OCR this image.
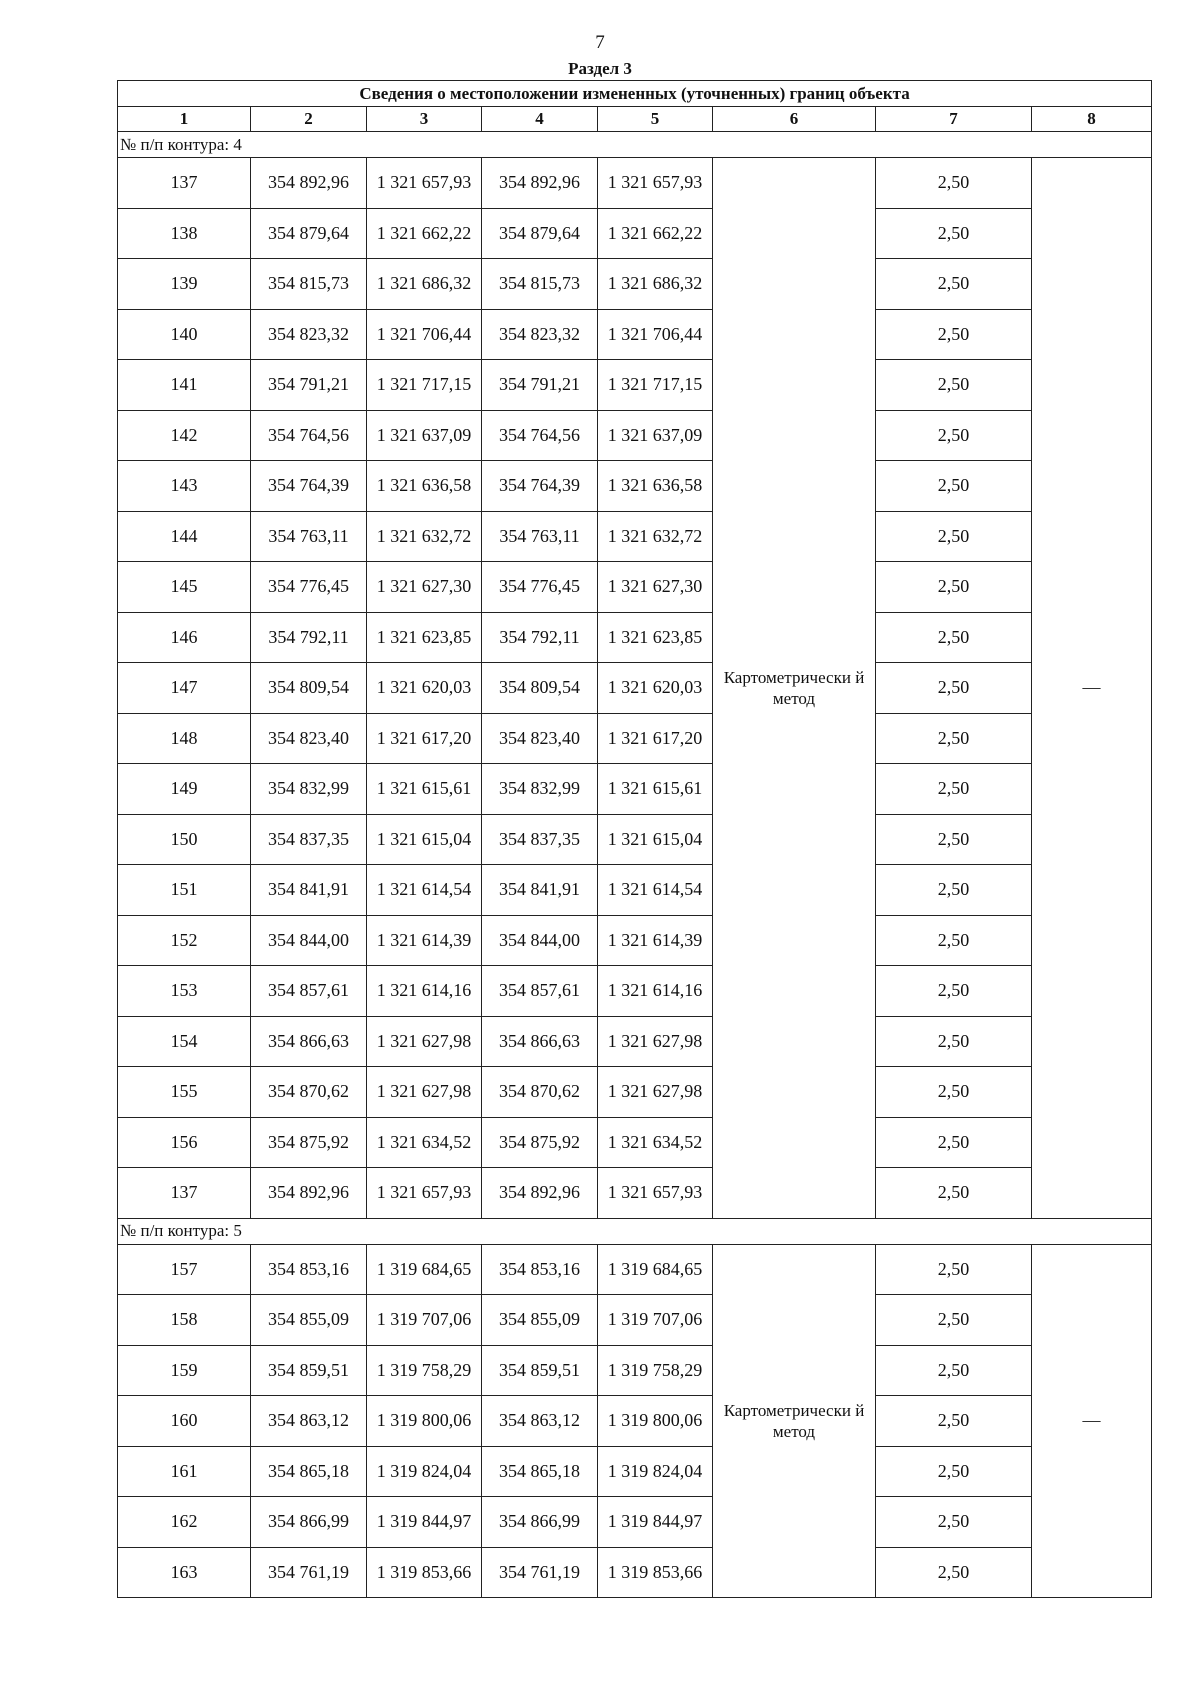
7
Раздел 3
Сведения о местоположении измененных (уточненных) границ объекта							
1	2	3	4	5	6	7	8
№ п/п контура: 4							
137	354 892,96	1 321 657,93	354 892,96	1 321 657,93	Картометрически й метод	2,50	—
138	354 879,64	1 321 662,22	354 879,64	1 321 662,22		2,50	
139	354 815,73	1 321 686,32	354 815,73	1 321 686,32		2,50	
140	354 823,32	1 321 706,44	354 823,32	1 321 706,44		2,50	
141	354 791,21	1 321 717,15	354 791,21	1 321 717,15		2,50	
142	354 764,56	1 321 637,09	354 764,56	1 321 637,09		2,50	
143	354 764,39	1 321 636,58	354 764,39	1 321 636,58		2,50	
144	354 763,11	1 321 632,72	354 763,11	1 321 632,72		2,50	
145	354 776,45	1 321 627,30	354 776,45	1 321 627,30		2,50	
146	354 792,11	1 321 623,85	354 792,11	1 321 623,85		2,50	
147	354 809,54	1 321 620,03	354 809,54	1 321 620,03		2,50	
148	354 823,40	1 321 617,20	354 823,40	1 321 617,20		2,50	
149	354 832,99	1 321 615,61	354 832,99	1 321 615,61		2,50	
150	354 837,35	1 321 615,04	354 837,35	1 321 615,04		2,50	
151	354 841,91	1 321 614,54	354 841,91	1 321 614,54		2,50	
152	354 844,00	1 321 614,39	354 844,00	1 321 614,39		2,50	
153	354 857,61	1 321 614,16	354 857,61	1 321 614,16		2,50	
154	354 866,63	1 321 627,98	354 866,63	1 321 627,98		2,50	
155	354 870,62	1 321 627,98	354 870,62	1 321 627,98		2,50	
156	354 875,92	1 321 634,52	354 875,92	1 321 634,52		2,50	
137	354 892,96	1 321 657,93	354 892,96	1 321 657,93		2,50	
№ п/п контура: 5							
157	354 853,16	1 319 684,65	354 853,16	1 319 684,65	Картометрически й метод	2,50	—
158	354 855,09	1 319 707,06	354 855,09	1 319 707,06		2,50	
159	354 859,51	1 319 758,29	354 859,51	1 319 758,29		2,50	
160	354 863,12	1 319 800,06	354 863,12	1 319 800,06		2,50	
161	354 865,18	1 319 824,04	354 865,18	1 319 824,04		2,50	
162	354 866,99	1 319 844,97	354 866,99	1 319 844,97		2,50	
163	354 761,19	1 319 853,66	354 761,19	1 319 853,66		2,50	
